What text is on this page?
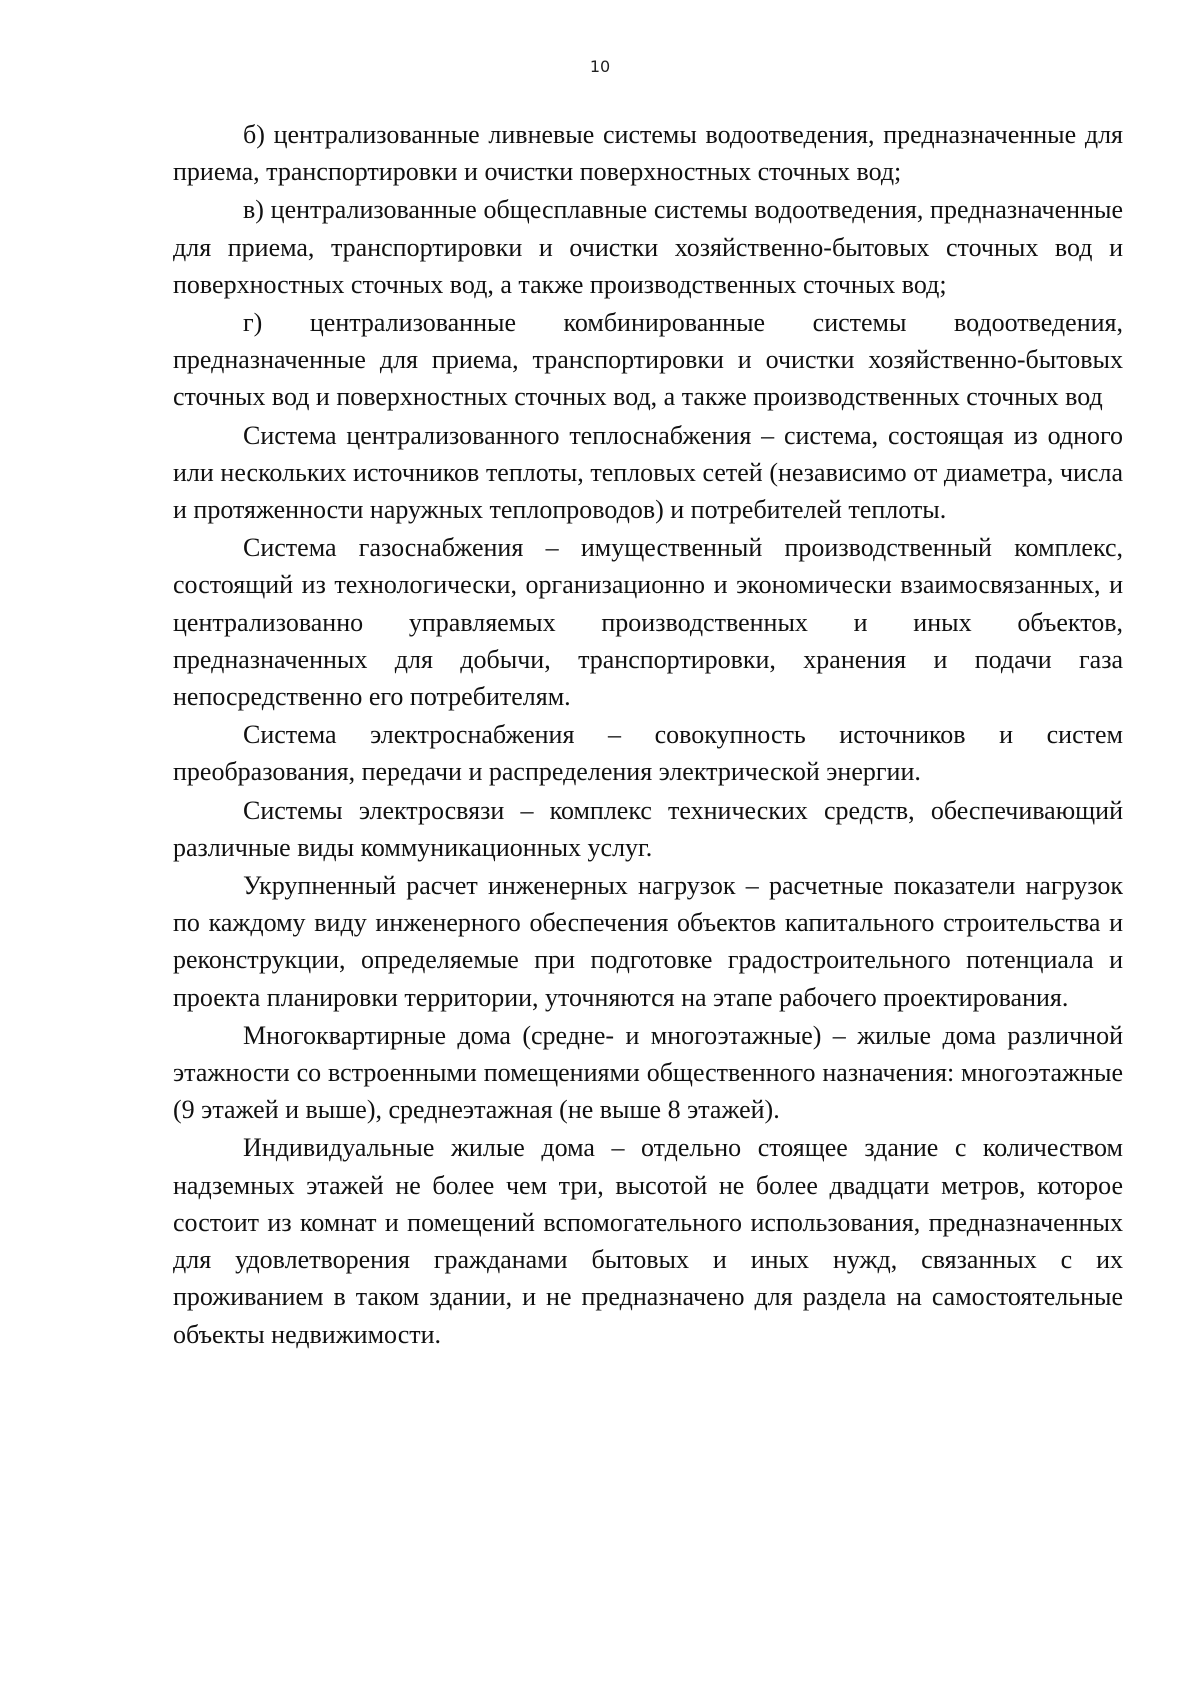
10

б) централизованные ливневые системы водоотведения, предназначенные для приема, транспортировки и очистки поверхностных сточных вод;

в) централизованные общесплавные системы водоотведения, предназначенные для приема, транспортировки и очистки хозяйственно-бытовых сточных вод и поверхностных сточных вод, а также производственных сточных вод;

г) централизованные комбинированные системы водоотведения, предназначенные для приема, транспортировки и очистки хозяйственно-бытовых сточных вод и поверхностных сточных вод, а также производственных сточных вод

Система централизованного теплоснабжения – система, состоящая из одного или нескольких источников теплоты, тепловых сетей (независимо от диаметра, числа и протяженности наружных теплопроводов) и потребителей теплоты.

Система газоснабжения – имущественный производственный комплекс, состоящий из технологически, организационно и экономически взаимосвязанных, и централизованно управляемых производственных и иных объектов, предназначенных для добычи, транспортировки, хранения и подачи газа непосредственно его потребителям.

Система электроснабжения – совокупность источников и систем преобразования, передачи и распределения электрической энергии.

Системы электросвязи – комплекс технических средств, обеспечивающий различные виды коммуникационных услуг.

Укрупненный расчет инженерных нагрузок – расчетные показатели нагрузок по каждому виду инженерного обеспечения объектов капитального строительства и реконструкции, определяемые при подготовке градостроительного потенциала и проекта планировки территории, уточняются на этапе рабочего проектирования.

Многоквартирные дома (средне- и многоэтажные) – жилые дома различной этажности со встроенными помещениями общественного назначения: многоэтажные (9 этажей и выше), среднеэтажная (не выше 8 этажей).

Индивидуальные жилые дома – отдельно стоящее здание с количеством надземных этажей не более чем три, высотой не более двадцати метров, которое состоит из комнат и помещений вспомогательного использования, предназначенных для удовлетворения гражданами бытовых и иных нужд, связанных с их проживанием в таком здании, и не предназначено для раздела на самостоятельные объекты недвижимости.
